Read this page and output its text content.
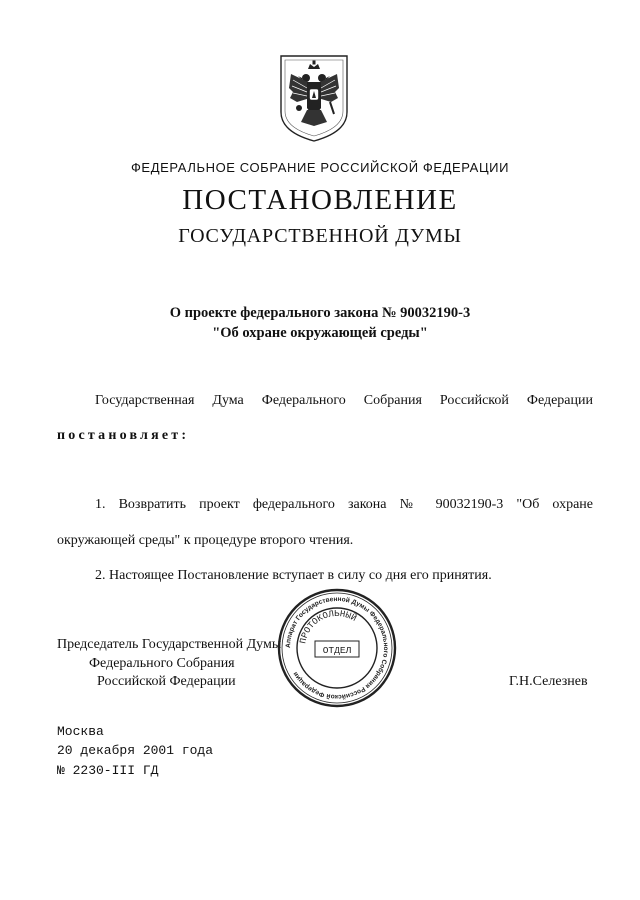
ФЕДЕРАЛЬНОЕ СОБРАНИЕ РОССИЙСКОЙ ФЕДЕРАЦИИ
ПОСТАНОВЛЕНИЕ
ГОСУДАРСТВЕННОЙ ДУМЫ
О проекте федерального закона № 90032190-3
"Об охране окружающей среды"
Государственная Дума Федерального Собрания Российской Федерации
постановляет:
1. Возвратить проект федерального закона № 90032190-3 "Об охране
окружающей среды" к процедуре второго чтения.
2. Настоящее Постановление вступает в силу со дня его принятия.
Председатель Государственной Думы
Федерального Собрания
Российской Федерации	Г.Н.Селезнев
Аппарат Государственной Думы Федерального Собрания Российской Федерации
ПРОТОКОЛЬНЫЙ
ОТДЕЛ
Москва
20 декабря 2001 года
№ 2230-III ГД
